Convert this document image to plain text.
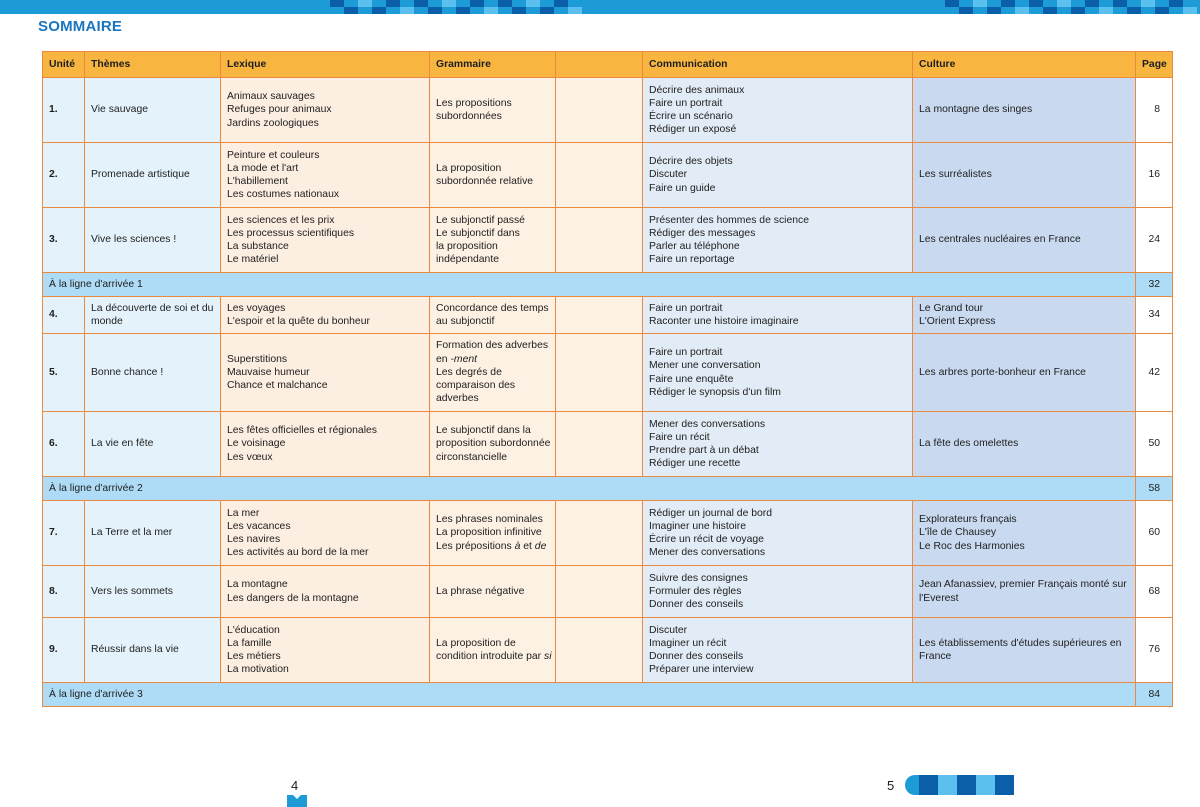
SOMMAIRE
Unité	Thèmes	Lexique	Grammaire		Communication	Culture	Page
1.	Vie sauvage	Animaux sauvages
Refuges pour animaux
Jardins zoologiques	Les propositions
subordonnées		Décrire des animaux
Faire un portrait
Écrire un scénario
Rédiger un exposé	La montagne des singes	8
2.	Promenade artistique	Peinture et couleurs
La mode et l'art
L'habillement
Les costumes nationaux	La proposition
subordonnée relative		Décrire des objets
Discuter
Faire un guide	Les surréalistes	16
3.	Vive les sciences !	Les sciences et les prix
Les processus scientifiques
La substance
Le matériel	Le subjonctif passé
Le subjonctif dans
la proposition
indépendante		Présenter des hommes de science
Rédiger des messages
Parler au téléphone
Faire un reportage	Les centrales nucléaires en France	24
À la ligne d'arrivée 1							32
4.	La découverte de soi et du monde	Les voyages
L'espoir et la quête du bonheur	Concordance des temps
au subjonctif		Faire un portrait
Raconter une histoire imaginaire	Le Grand tour
L'Orient Express	34
5.	Bonne chance !	Superstitions
Mauvaise humeur
Chance et malchance	Formation des adverbes
en -ment
Les degrés de
comparaison des
adverbes		Faire un portrait
Mener une conversation
Faire une enquête
Rédiger le synopsis d'un film	Les arbres porte-bonheur en France	42
6.	La vie en fête	Les fêtes officielles et régionales
Le voisinage
Les vœux	Le subjonctif dans la
proposition subordonnée
circonstancielle		Mener des conversations
Faire un récit
Prendre part à un débat
Rédiger une recette	La fête des omelettes	50
À la ligne d'arrivée 2							58
7.	La Terre et la mer	La mer
Les vacances
Les navires
Les activités au bord de la mer	Les phrases nominales
La proposition infinitive
Les prépositions à et de		Rédiger un journal de bord
Imaginer une histoire
Écrire un récit de voyage
Mener des conversations	Explorateurs français
L'île de Chausey
Le Roc des Harmonies	60
8.	Vers les sommets	La montagne
Les dangers de la montagne	La phrase négative		Suivre des consignes
Formuler des règles
Donner des conseils	Jean Afanassiev, premier Français monté sur
l'Everest	68
9.	Réussir dans la vie	L'éducation
La famille
Les métiers
La motivation	La proposition de
condition introduite par si		Discuter
Imaginer un récit
Donner des conseils
Préparer une interview	Les établissements d'études supérieures en
France	76
À la ligne d'arrivée 3							84
4	5
